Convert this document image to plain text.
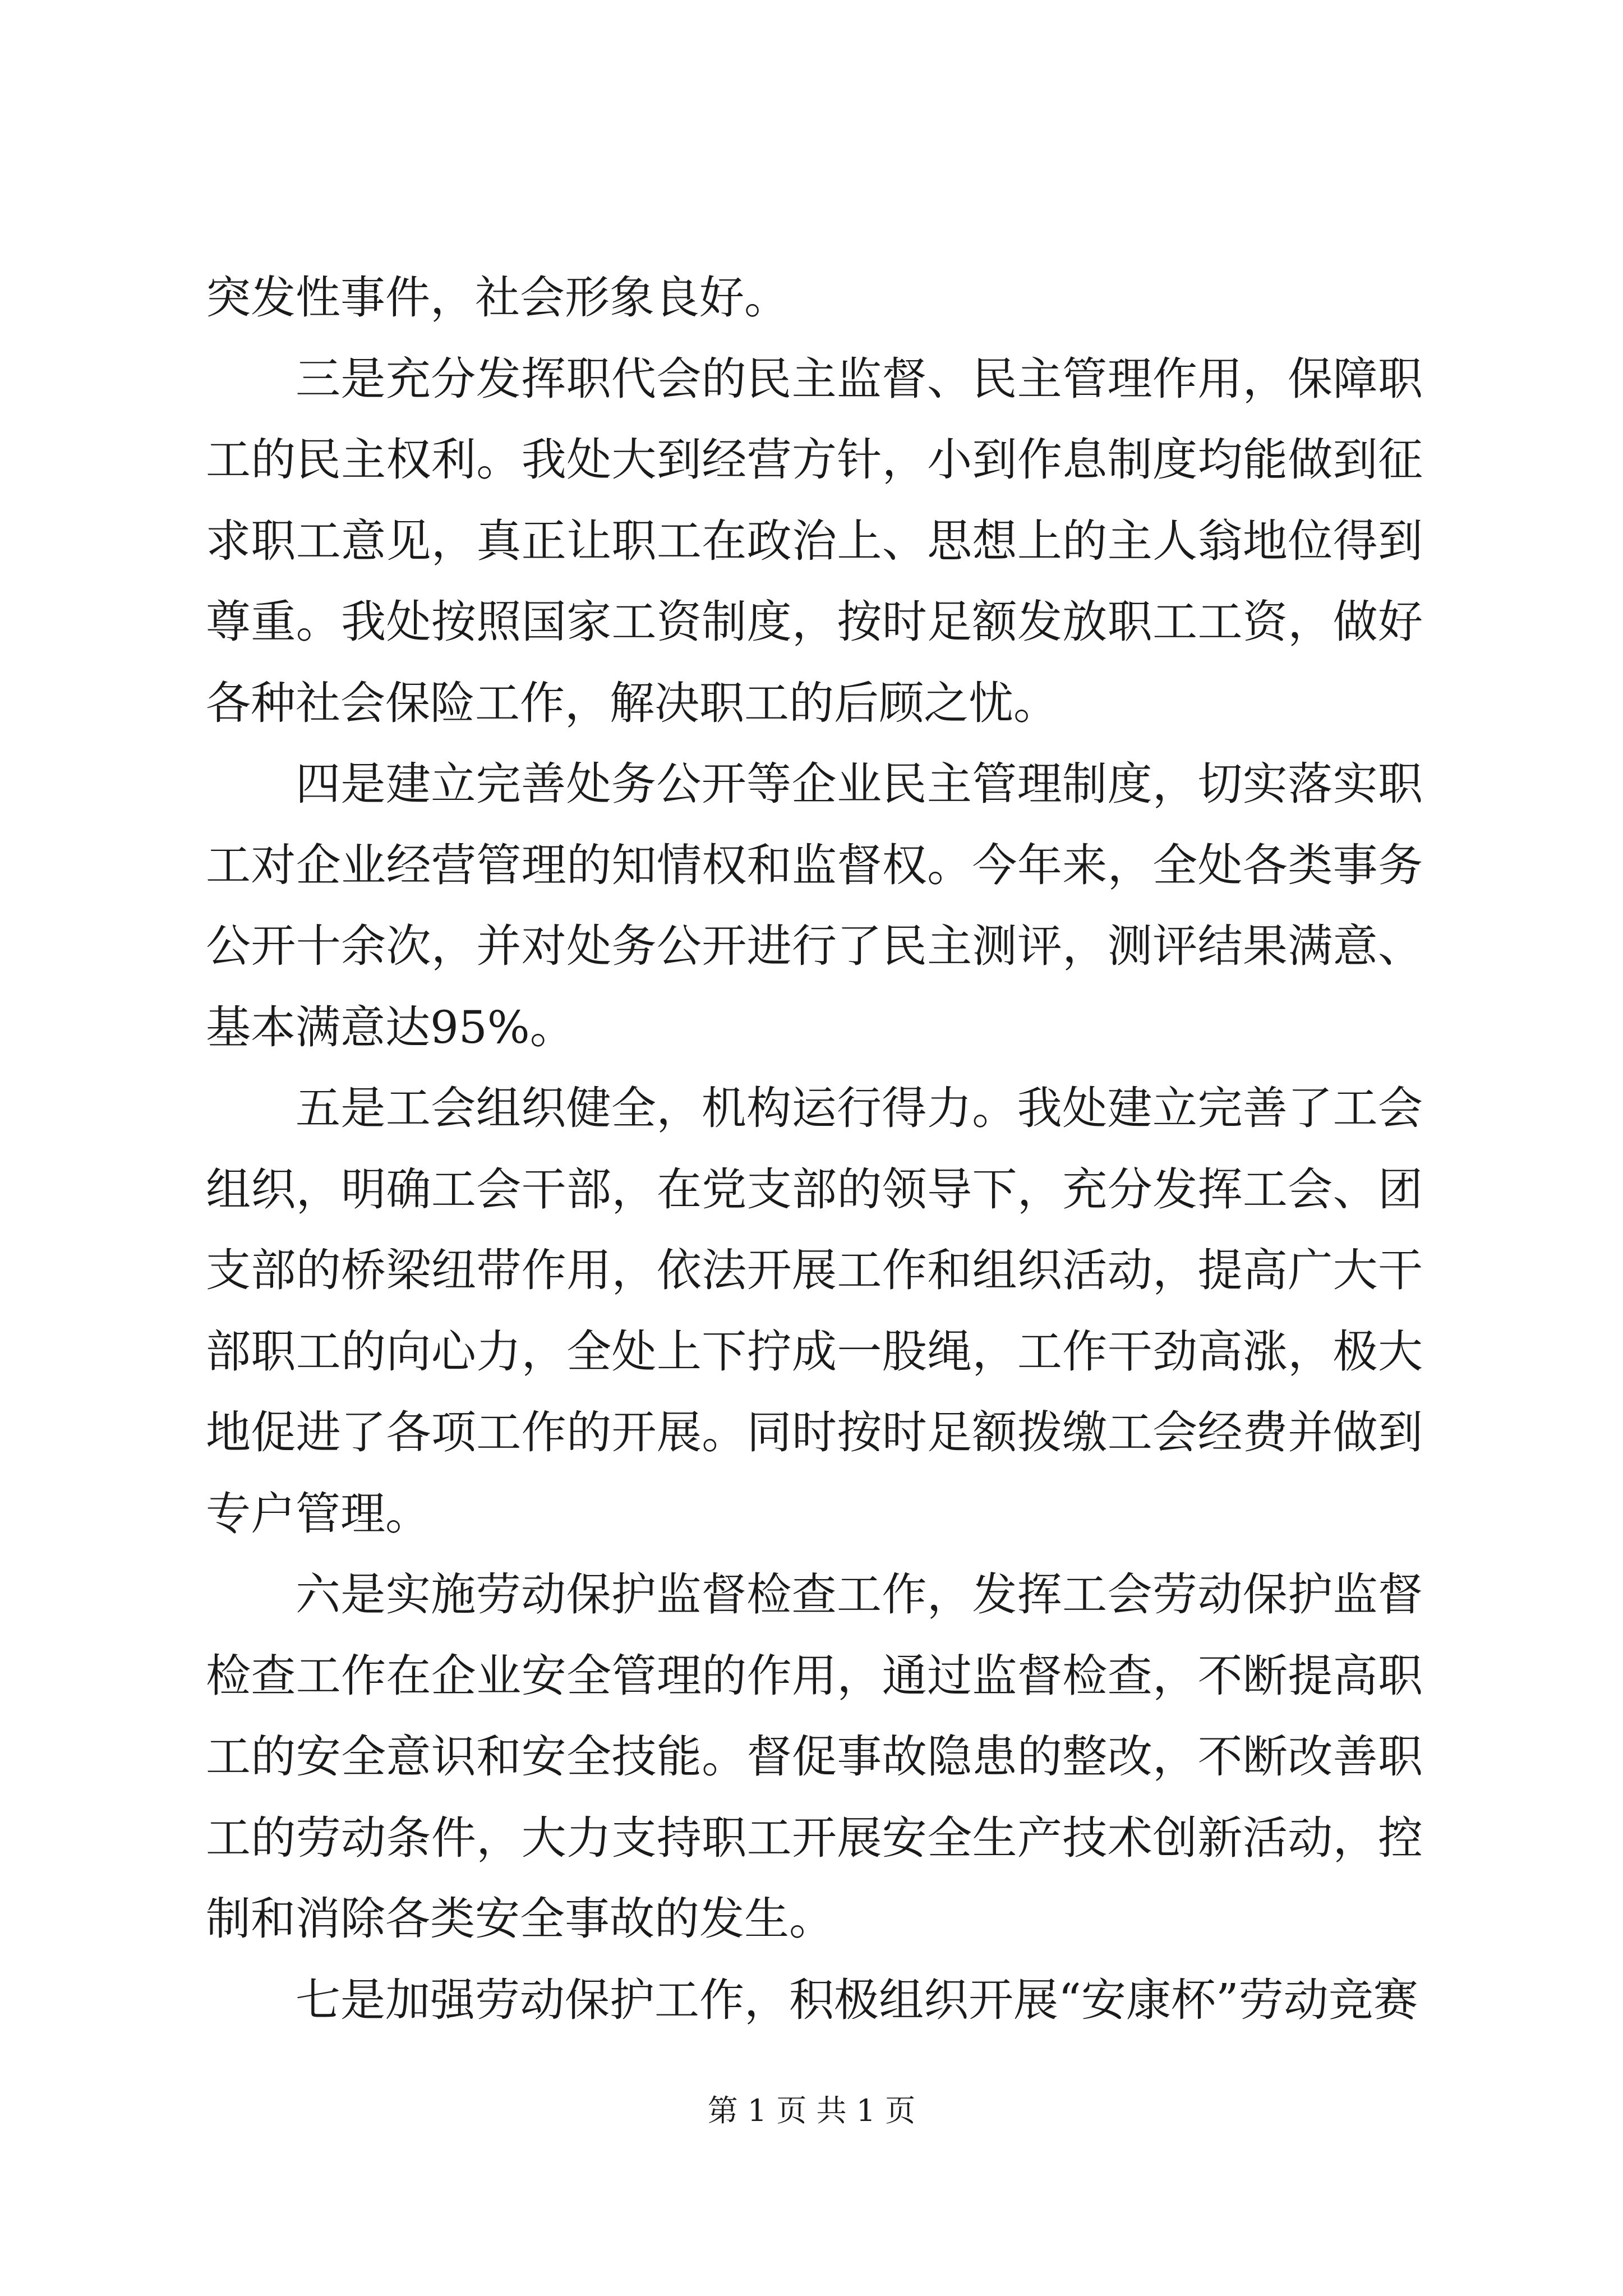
突发性事件，社会形象良好。

三是充分发挥职代会的民主监督、民主管理作用，保障职工的民主权利。我处大到经营方针，小到作息制度均能做到征求职工意见，真正让职工在政治上、思想上的主人翁地位得到尊重。我处按照国家工资制度，按时足额发放职工工资，做好各种社会保险工作，解决职工的后顾之忧。

四是建立完善处务公开等企业民主管理制度，切实落实职工对企业经营管理的知情权和监督权。今年来，全处各类事务公开十余次，并对处务公开进行了民主测评，测评结果满意、基本满意达95%。

五是工会组织健全，机构运行得力。我处建立完善了工会组织，明确工会干部，在党支部的领导下，充分发挥工会、团支部的桥梁纽带作用，依法开展工作和组织活动，提高广大干部职工的向心力，全处上下拧成一股绳，工作干劲高涨，极大地促进了各项工作的开展。同时按时足额拨缴工会经费并做到专户管理。

六是实施劳动保护监督检查工作，发挥工会劳动保护监督检查工作在企业安全管理的作用，通过监督检查，不断提高职工的安全意识和安全技能。督促事故隐患的整改，不断改善职工的劳动条件，大力支持职工开展安全生产技术创新活动，控制和消除各类安全事故的发生。

七是加强劳动保护工作，积极组织开展“安康杯”劳动竞赛

第 1 页 共 1 页
